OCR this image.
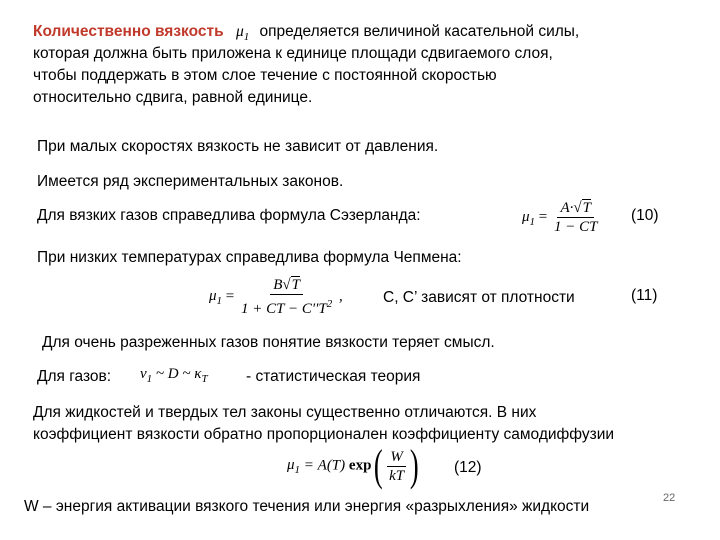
Количественно вязкость $\mu_1$ определяется величиной касательной силы,
которая должна быть приложена к единице площади сдвигаемого слоя,
чтобы поддержать в этом слое течение с постоянной скоростью
относительно сдвига, равной единице.
При малых скоростях вязкость не зависит от давления.
Имеется ряд экспериментальных законов.
Для вязких газов справедлива формула Сэзерланда:	$\mu_1 = \frac{A\cdot√T}{1 - CT} (10)$
При низких температурах справедлива формула Чепмена:
$\mu_1 = \frac{B√T}{1 + CT - C''T^2}$ ,	C, C’ зависят от плотности	(11)
Для очень разреженных газов понятие вязкости теряет смысл.
Для газов: $\nu_1$ ~ D ~ $\kappa_T$ - статистическая теория
Для жидкостей и твердых тел законы существенно отличаются. В них
коэффициент вязкости обратно пропорционален коэффициенту самодиффузии
$\mu_1 = A(T)$ $\exp( \frac{W}{kT}$ ) (12)
W – энергия активации вязкого течения или энергия «разрыхления» жидкости	22
